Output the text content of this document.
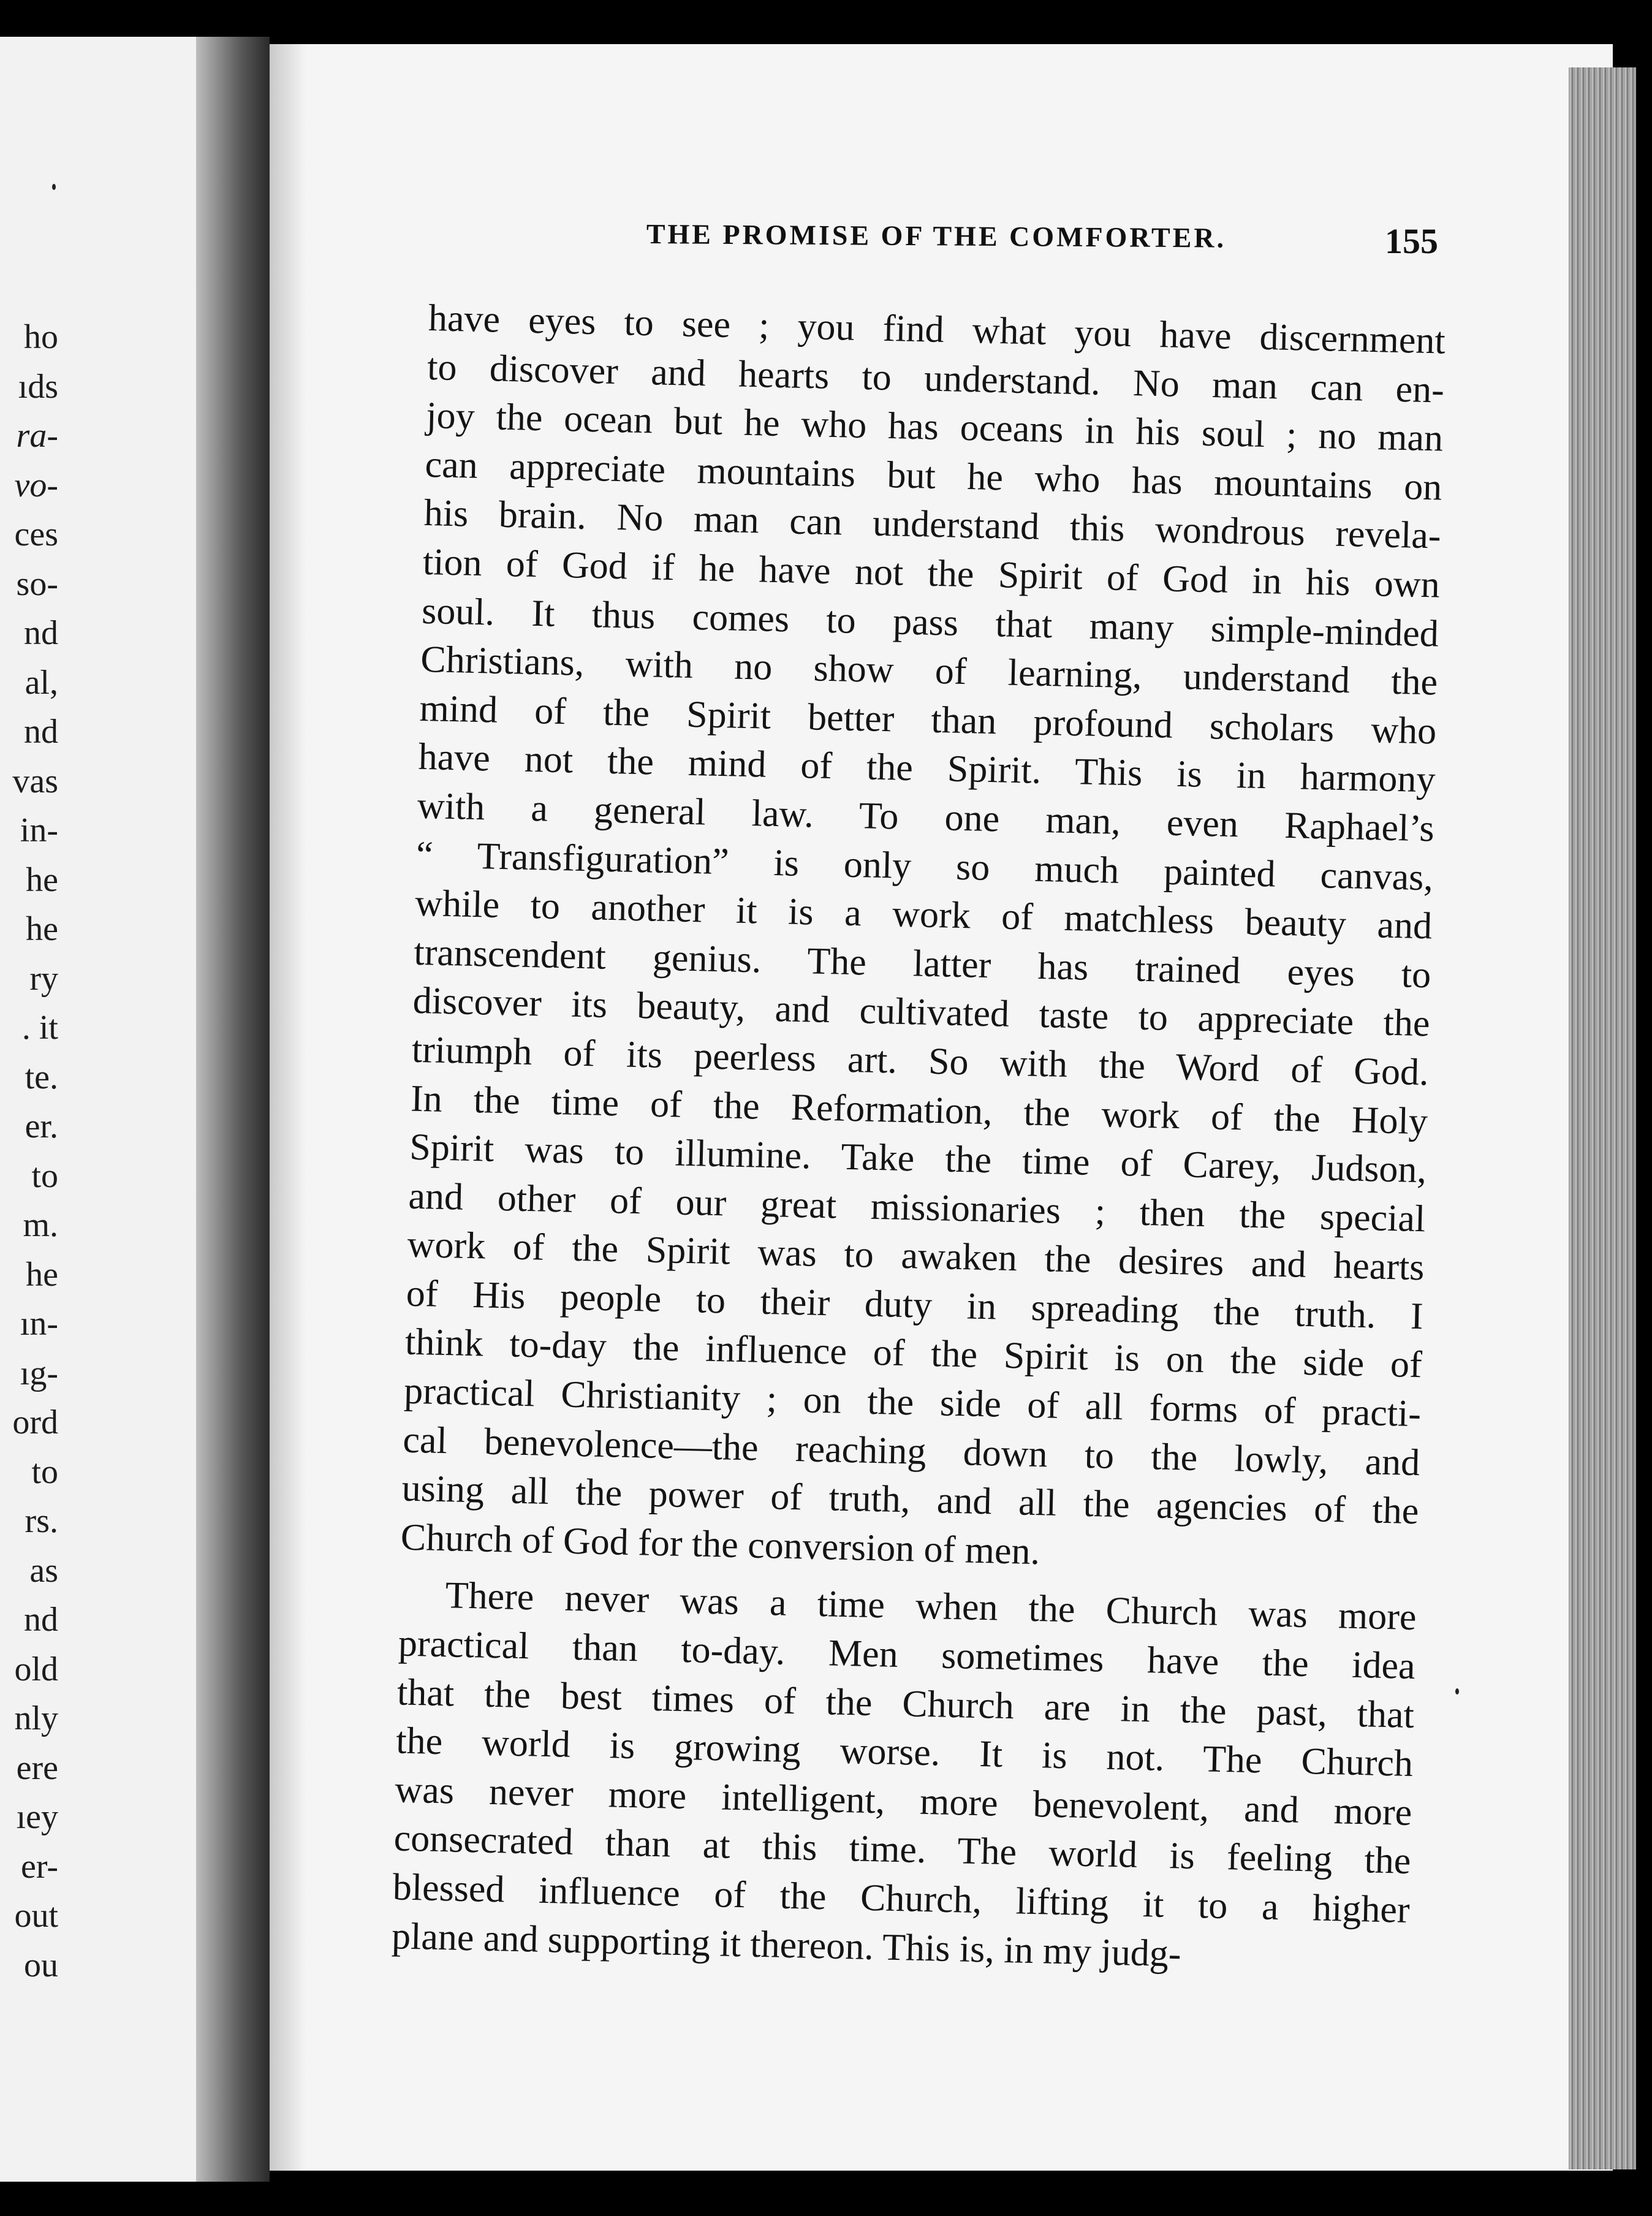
ho
ıds
ra-
vo-
ces
so-
nd
al,
nd
vas
in-
he
he
ry
. it
te.
er.
to
m.
he
ın-
ıg-
ord
to
rs.
as
nd
old
nly
ere
ıey
er-
out
ou
THE PROMISE OF THE COMFORTER.	155
have eyes to see ; you find what you have discernment
to discover and hearts to understand. No man can en-
joy the ocean but he who has oceans in his soul ; no man
can appreciate mountains but he who has mountains on
his brain. No man can understand this wondrous revela-
tion of God if he have not the Spirit of God in his own
soul. It thus comes to pass that many simple-minded
Christians, with no show of learning, understand the
mind of the Spirit better than profound scholars who
have not the mind of the Spirit. This is in harmony
with a general law. To one man, even Raphael’s
“ Transfiguration” is only so much painted canvas,
while to another it is a work of matchless beauty and
transcendent genius. The latter has trained eyes to
discover its beauty, and cultivated taste to appreciate the
triumph of its peerless art. So with the Word of God.
In the time of the Reformation, the work of the Holy
Spirit was to illumine. Take the time of Carey, Judson,
and other of our great missionaries ; then the special
work of the Spirit was to awaken the desires and hearts
of His people to their duty in spreading the truth. I
think to-day the influence of the Spirit is on the side of
practical Christianity ; on the side of all forms of practi-
cal benevolence—the reaching down to the lowly, and
using all the power of truth, and all the agencies of the
Church of God for the conversion of men.
There never was a time when the Church was more
practical than to-day. Men sometimes have the idea
that the best times of the Church are in the past, that
the world is growing worse. It is not. The Church
was never more intelligent, more benevolent, and more
consecrated than at this time. The world is feeling the
blessed influence of the Church, lifting it to a higher
plane and supporting it thereon. This is, in my judg-
